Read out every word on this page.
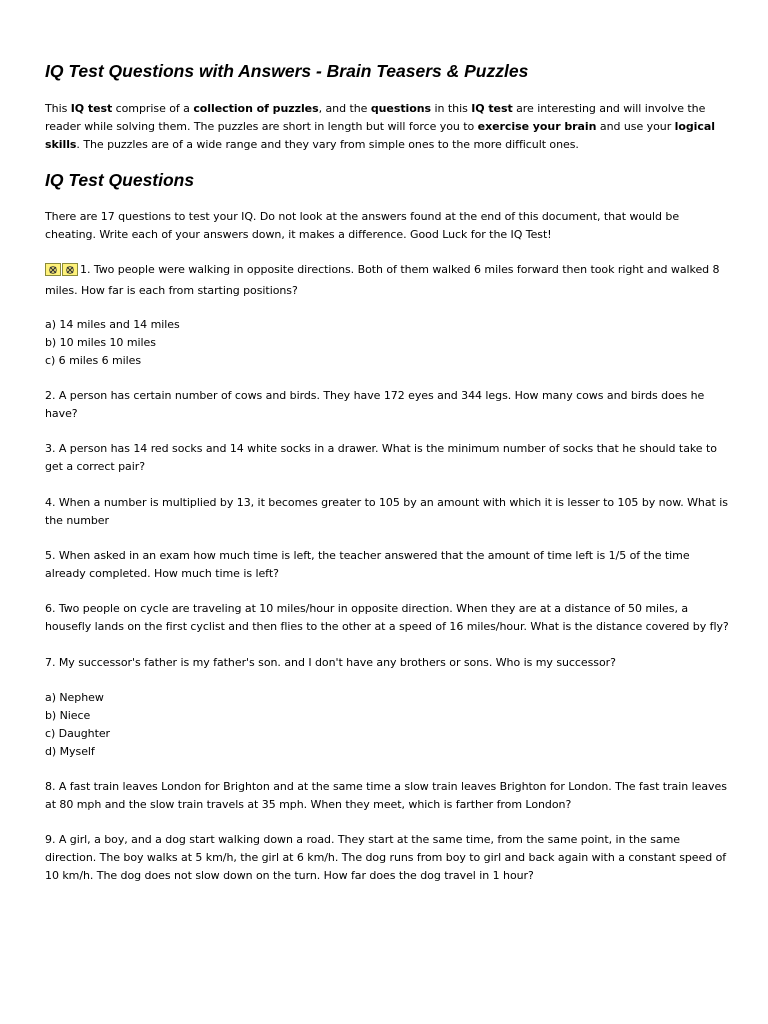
IQ Test Questions with Answers - Brain Teasers & Puzzles

This IQ test comprise of a collection of puzzles, and the questions in this IQ test are interesting and will involve the
reader while solving them. The puzzles are short in length but will force you to exercise your brain and use your logical
skills. The puzzles are of a wide range and they vary from simple ones to the more difficult ones.

IQ Test Questions

There are 17 questions to test your IQ. Do not look at the answers found at the end of this document, that would be
cheating. Write each of your answers down, it makes a difference. Good Luck for the IQ Test!

1. Two people were walking in opposite directions. Both of them walked 6 miles forward then took right and walked 8
miles. How far is each from starting positions?

a) 14 miles and 14 miles
b) 10 miles 10 miles
c) 6 miles 6 miles

2. A person has certain number of cows and birds. They have 172 eyes and 344 legs. How many cows and birds does he
have?

3. A person has 14 red socks and 14 white socks in a drawer. What is the minimum number of socks that he should take to
get a correct pair?

4. When a number is multiplied by 13, it becomes greater to 105 by an amount with which it is lesser to 105 by now. What is
the number

5. When asked in an exam how much time is left, the teacher answered that the amount of time left is 1/5 of the time
already completed. How much time is left?

6. Two people on cycle are traveling at 10 miles/hour in opposite direction. When they are at a distance of 50 miles, a
housefly lands on the first cyclist and then flies to the other at a speed of 16 miles/hour. What is the distance covered by fly?

7. My successor's father is my father's son. and I don't have any brothers or sons. Who is my successor?

a) Nephew
b) Niece
c) Daughter
d) Myself

8. A fast train leaves London for Brighton and at the same time a slow train leaves Brighton for London. The fast train leaves
at 80 mph and the slow train travels at 35 mph. When they meet, which is farther from London?

9. A girl, a boy, and a dog start walking down a road. They start at the same time, from the same point, in the same
direction. The boy walks at 5 km/h, the girl at 6 km/h. The dog runs from boy to girl and back again with a constant speed of
10 km/h. The dog does not slow down on the turn. How far does the dog travel in 1 hour?
